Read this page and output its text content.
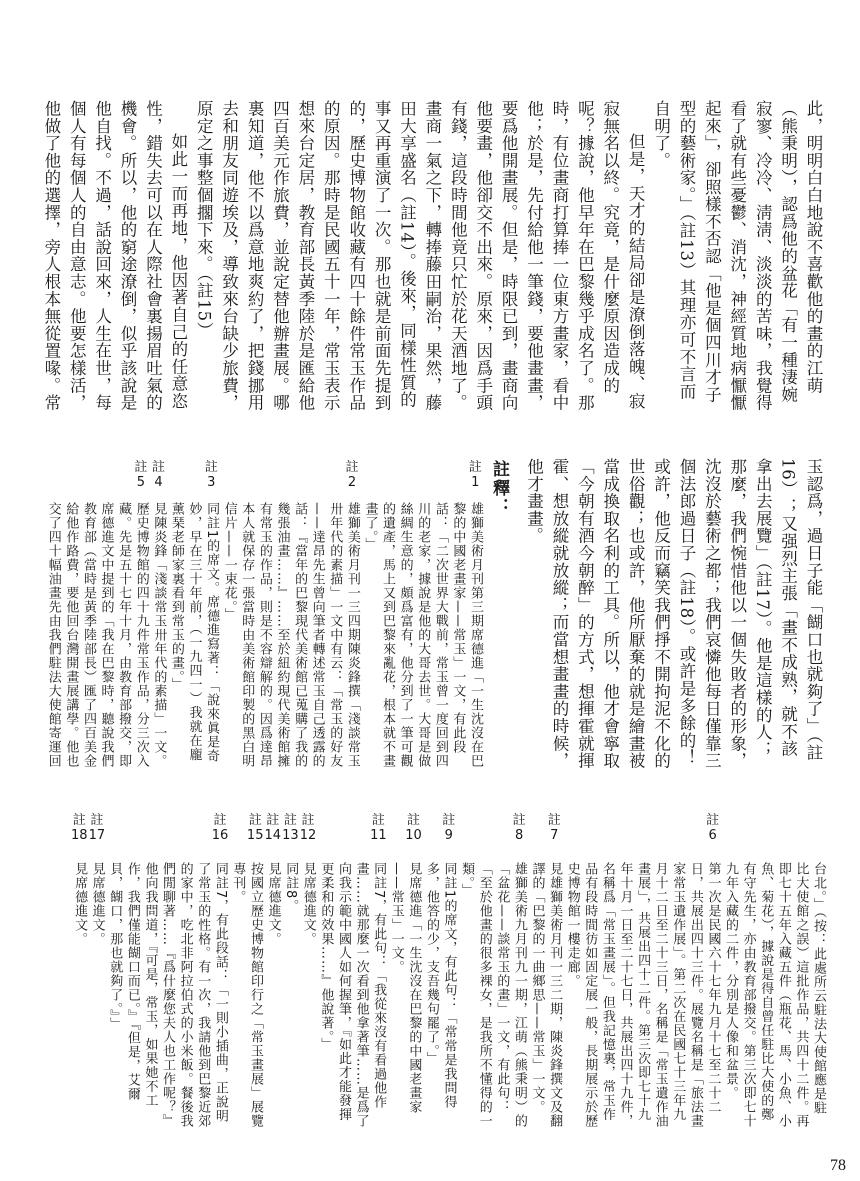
此，明明白白地說不喜歡他的畫的江萌（熊秉明），認爲他的盆花「有一種淒婉寂寥、冷冷、淸淸、淡淡的苦味，我覺得看了就有些憂鬱、消沈，神經質地病懨懨起來」，卻照樣不否認「他是個四川才子型的藝術家。」（註13）其理亦可不言而自明了。

但是，天才的結局卻是潦倒落魄、寂寂無名以終。究竟，是什麼原因造成的呢？據說，他早年在巴黎幾乎成名了。那時，有位畫商打算捧一位東方畫家，看中他；於是，先付給他一筆錢，要他畫畫，要爲他開畫展。但是，時限已到，畫商向他要畫，他卻交不出來。原來，因爲手頭有錢，這段時間他竟只忙於花天酒地了。畫商一氣之下，轉捧藤田嗣治，果然，藤田大享盛名（註14）。後來，同樣性質的事又再重演了一次。那也就是前面先提到的，歷史博物館收藏有四十餘件常玉作品的原因。那時是民國五十一年，常玉表示想來台定居，教育部長黃季陸於是匯給他四百美元作旅費，並說定替他辦畫展。哪裏知道，他不以爲意地爽約了，把錢挪用去和朋友同遊埃及，導致來台缺少旅費，原定之事整個擱下來。（註15）

如此一而再地，他因著自己的任意恣性，錯失去可以在人際社會裏揚眉吐氣的機會。所以，他的窮途潦倒，似乎該說是他自找。不過，話說回來，人生在世，每個人有每個人的自由意志。他要怎樣活，他做了他的選擇，旁人根本無從置喙。常

玉認爲，過日子能「餬口也就夠了」（註16）；又强烈主張「畫不成熟，就不該拿出去展覽」（註17）。他是這樣的人；那麼，我們惋惜他以一個失敗者的形象，沈沒於藝術之都；我們哀憐他每日僅靠三個法郎過日子（註18）。或許是多餘的！或許，他反而竊笑我們掙不開拘泥不化的世俗觀；也或許，他所厭棄的就是繪畫被當成換取名利的工具。所以，他才會寧取「今朝有酒今朝醉」的方式，想揮霍就揮霍、想放縱就放縱；而當想畫畫的時候，他才畫畫。

註釋：
註
1
雄獅美術月刊第三期席德進「一生沈沒在巴黎的中國老畫家——常玉」一文，有此段話：「二次世界大戰前，常玉曾一度回到四川的老家，據說是他的大哥去世。大哥是做絲綢生意的，頗爲富有，他分到了一筆可觀的遺產，馬上又到巴黎來亂花，根本就不畫畫了。」
註
2
雄獅美術月刊一三四期陳炎鋒撰「淺談常玉卅年代的素描」一文中有云：「常玉的好友——達昂先生曾向筆者轉述常玉自己透露的話：『當年的巴黎現代美術館已蒐購了我的幾張油畫……』……至於紐約現代美術館擁有常玉的作品，則是不容辯解的。因爲達昂本人就保存一張當時由美術館印製的黑白明信片——一束花。」
註
3
同註1的席文。席德進寫著：「說來眞是奇妙，早在三十年前，（一九四一）我就在龐薰琹老師家裏看到常玉的畫。」
註
4
見陳炎鋒「淺談常玉卅年代的素描」一文。
註
5
歷史博物館的四十九件常玉作品，分三次入藏。先是五十七年十月，由教育部撥交，即席德進文中提到的「我在巴黎時，聽說我們教育部（當時是黃季陸部長）匯了四百美金給他作路費，要他回台灣開畫展講學。他也交了四十幅油畫先由我們駐法大使館寄運回
台北。」（按：此處所云駐法大使館應是駐比大使館之誤）這批作品，共四十二件。再即七十五年入藏五件（瓶花、馬、小魚、小魚、菊花），據說是得自曾任駐比大使的鄭有守先生，亦由教育部撥交。第三次即七十九年入藏的二件，分別是人像和盆景。
註
6
第一次是民國六十七年九月十七至二十二日，共展出四十三件。展覽名稱是「旅法畫家常玉遺作展」。第二次在民國七十三年九月十二日至二十三日，名稱是「常玉遺作油畫展」，共展出四十二件。第三次即七十九年十月一日至二十七日，共展出四十九件，名稱爲「常玉畫展」。但我記憶裏，常玉作品有段時間彷如固定展一般，長期展示於歷史博物館一樓走廊。
註
7
見雄獅美術月刊一三二期，陳炎鋒撰文及翻譯的「巴黎的一曲鄉思——常玉」一文。
註
8
雄獅美術九月刊九一期，江萌（熊秉明）的「盆花——談常玉的畫」一文，有此句：「至於他畫的很多裸女，是我所不懂得的一類。」
註
9
同註1的席文，有此句：「常常是我問得多，他答的少，支吾幾句罷了。」
註
10
見席德進「一生沈沒在巴黎的中國老畫家——常玉」一文。
註
11
同註7，有此句：「我從來沒有看過他作畫……就那麼一次看到他拿著筆……是爲了向我示範中國人如何握筆，『如此才能發揮更柔和的效果……』他說著。」
註
12
見席德進文。
註
13
同註8。
註
14
見席德進文。
註
15
按國立歷史博物館印行之「常玉畫展」展覽專刊。
註
16
同註7，有此段話：「一則小插曲，正說明了常玉的性格。有一次，我請他到巴黎近郊的家中，吃北非阿拉伯式的小米飯。餐後我們閒聊著……『爲什麼您夫人也工作呢？』他向我問道，『可是，常玉，如果她不工作，我們僅能餬口而已。』『但是，艾爾貝，餬口，那也就夠了。』」
註
17
見席德進文。
註
18
見席德進文。
78
